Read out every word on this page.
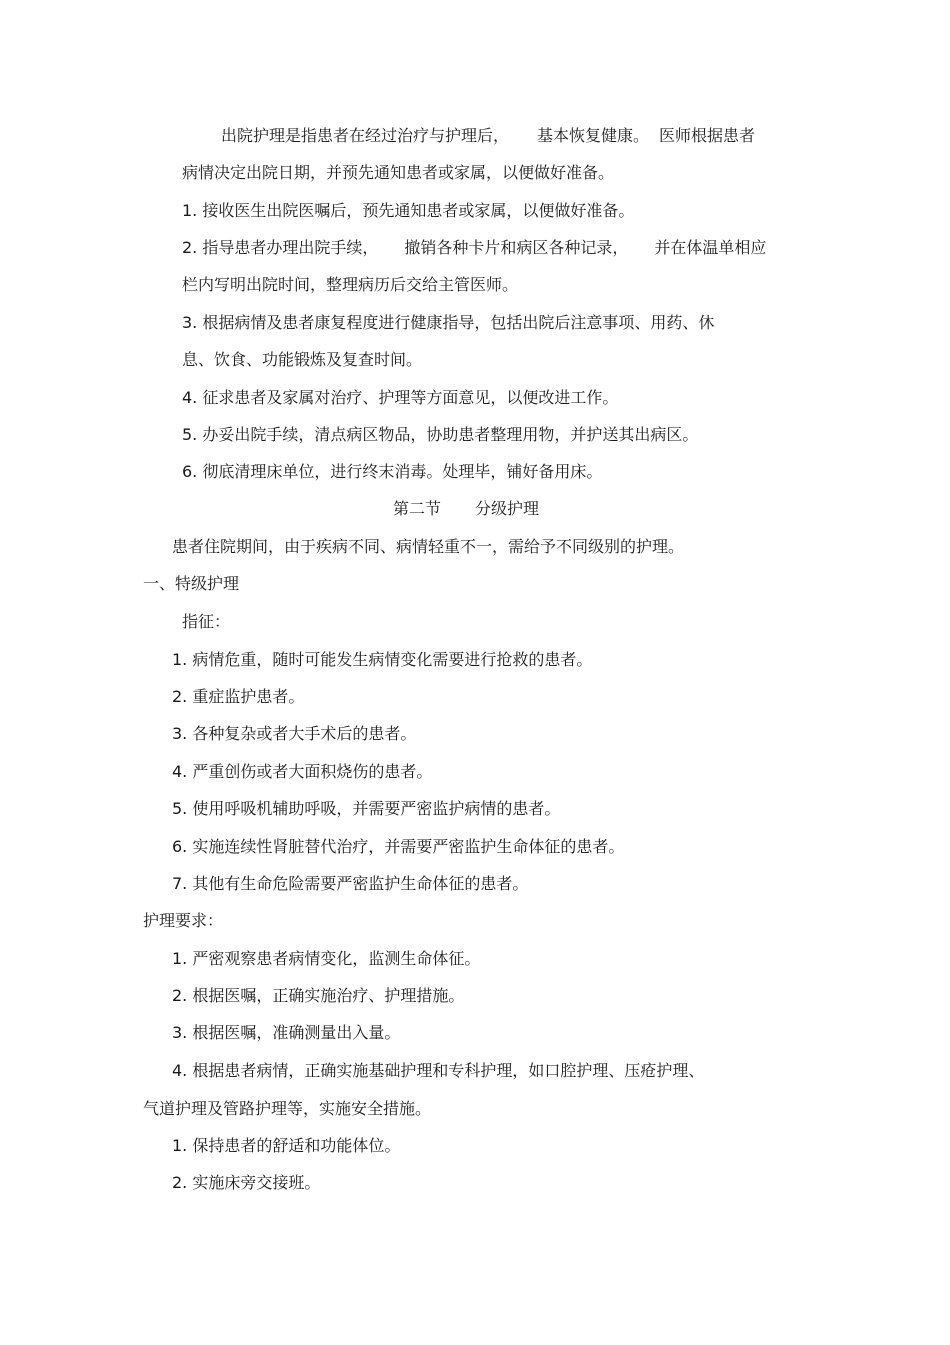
出院护理是指患者在经过治疗与护理后， 基本恢复健康。 医师根据患者

病情决定出院日期，并预先通知患者或家属，以便做好准备。

1. 接收医生出院医嘱后，预先通知患者或家属，以便做好准备。

2. 指导患者办理出院手续， 撤销各种卡片和病区各种记录， 并在体温单相应

栏内写明出院时间，整理病历后交给主管医师。

3. 根据病情及患者康复程度进行健康指导，包括出院后注意事项、用药、休

息、饮食、功能锻炼及复查时间。

4. 征求患者及家属对治疗、护理等方面意见，以便改进工作。

5. 办妥出院手续，清点病区物品，协助患者整理用物，并护送其出病区。

6. 彻底清理床单位，进行终末消毒。处理毕，铺好备用床。

第二节 分级护理

患者住院期间，由于疾病不同、病情轻重不一，需给予不同级别的护理。

一、特级护理

指征：

1. 病情危重，随时可能发生病情变化需要进行抢救的患者。

2. 重症监护患者。

3. 各种复杂或者大手术后的患者。

4. 严重创伤或者大面积烧伤的患者。

5. 使用呼吸机辅助呼吸，并需要严密监护病情的患者。

6. 实施连续性肾脏替代治疗，并需要严密监护生命体征的患者。

7. 其他有生命危险需要严密监护生命体征的患者。

护理要求：

1. 严密观察患者病情变化，监测生命体征。

2. 根据医嘱，正确实施治疗、护理措施。

3. 根据医嘱，准确测量出入量。

4. 根据患者病情，正确实施基础护理和专科护理，如口腔护理、压疮护理、

气道护理及管路护理等，实施安全措施。

1. 保持患者的舒适和功能体位。

2. 实施床旁交接班。
